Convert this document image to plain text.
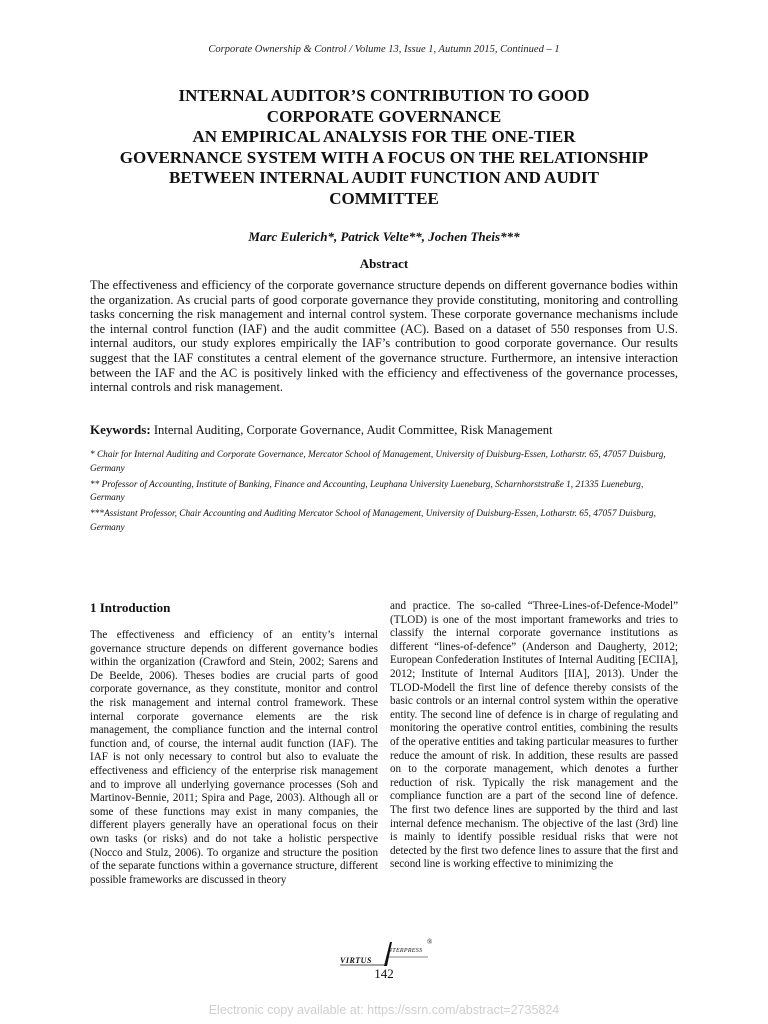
Corporate Ownership & Control / Volume 13, Issue 1, Autumn 2015, Continued – 1
INTERNAL AUDITOR’S CONTRIBUTION TO GOOD
CORPORATE GOVERNANCE
AN EMPIRICAL ANALYSIS FOR THE ONE-TIER
GOVERNANCE SYSTEM WITH A FOCUS ON THE RELATIONSHIP
BETWEEN INTERNAL AUDIT FUNCTION AND AUDIT
COMMITTEE
Marc Eulerich*, Patrick Velte**, Jochen Theis***
Abstract
The effectiveness and efficiency of the corporate governance structure depends on different governance bodies within the organization. As crucial parts of good corporate governance they provide constituting, monitoring and controlling tasks concerning the risk management and internal control system. These corporate governance mechanisms include the internal control function (IAF) and the audit committee (AC). Based on a dataset of 550 responses from U.S. internal auditors, our study explores empirically the IAF’s contribution to good corporate governance. Our results suggest that the IAF constitutes a central element of the governance structure. Furthermore, an intensive interaction between the IAF and the AC is positively linked with the efficiency and effectiveness of the governance processes, internal controls and risk management.
Keywords: Internal Auditing, Corporate Governance, Audit Committee, Risk Management

* Chair for Internal Auditing and Corporate Governance, Mercator School of Management, University of Duisburg-Essen, Lotharstr. 65, 47057 Duisburg, Germany

** Professor of Accounting, Institute of Banking, Finance and Accounting, Leuphana University Lueneburg, Scharnhorststraße 1, 21335 Lueneburg, Germany

***Assistant Professor, Chair Accounting and Auditing Mercator School of Management, University of Duisburg-Essen, Lotharstr. 65, 47057 Duisburg, Germany

1 Introduction

The effectiveness and efficiency of an entity’s internal governance structure depends on different governance bodies within the organization (Crawford and Stein, 2002; Sarens and De Beelde, 2006). Theses bodies are crucial parts of good corporate governance, as they constitute, monitor and control the risk management and internal control framework. These internal corporate governance elements are the risk management, the compliance function and the internal control function and, of course, the internal audit function (IAF). The IAF is not only necessary to control but also to evaluate the effectiveness and efficiency of the enterprise risk management and to improve all underlying governance processes (Soh and Martinov-Bennie, 2011; Spira and Page, 2003). Although all or some of these functions may exist in many companies, the different players generally have an operational focus on their own tasks (or risks) and do not take a holistic perspective (Nocco and Stulz, 2006). To organize and structure the position of the separate functions within a governance structure, different possible frameworks are discussed in theory

and practice. The so-called “Three-Lines-of-Defence-Model” (TLOD) is one of the most important frameworks and tries to classify the internal corporate governance institutions as different “lines-of-defence” (Anderson and Daugherty, 2012; European Confederation Institutes of Internal Auditing [ECIIA], 2012; Institute of Internal Auditors [IIA], 2013). Under the TLOD-Modell the first line of defence thereby consists of the basic controls or an internal control system within the operative entity. The second line of defence is in charge of regulating and monitoring the operative control entities, combining the results of the operative entities and taking particular measures to further reduce the amount of risk. In addition, these results are passed on to the corporate management, which denotes a further reduction of risk. Typically the risk management and the compliance function are a part of the second line of defence. The first two defence lines are supported by the third and last internal defence mechanism. The objective of the last (3rd) line is mainly to identify possible residual risks that were not detected by the first two defence lines to assure that the first and second line is working effective to minimizing the

VIRTUS
NTERPRESS
®
142
Electronic copy available at: https://ssrn.com/abstract=2735824
